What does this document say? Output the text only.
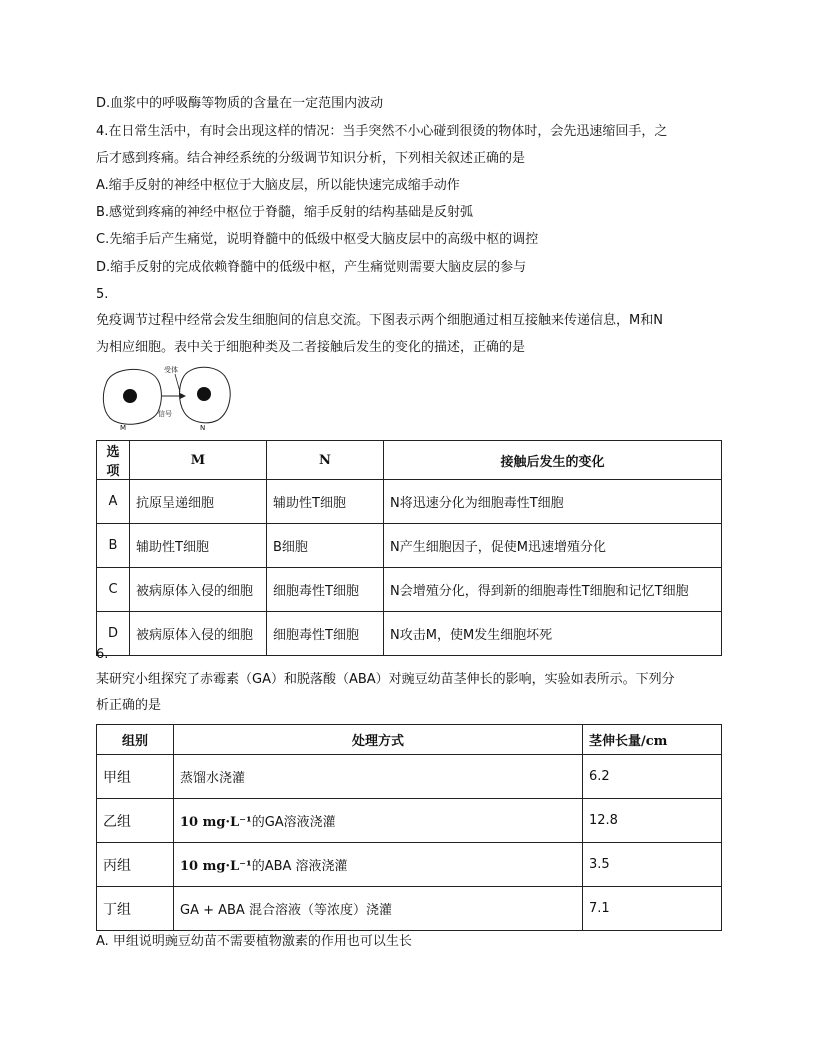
D.血浆中的呼吸酶等物质的含量在一定范围内波动
4.在日常生活中，有时会出现这样的情况：当手突然不小心碰到很烫的物体时，会先迅速缩回手，之
后才感到疼痛。结合神经系统的分级调节知识分析，下列相关叙述正确的是
A.缩手反射的神经中枢位于大脑皮层，所以能快速完成缩手动作
B.感觉到疼痛的神经中枢位于脊髓，缩手反射的结构基础是反射弧
C.先缩手后产生痛觉，说明脊髓中的低级中枢受大脑皮层中的高级中枢的调控
D.缩手反射的完成依赖脊髓中的低级中枢，产生痛觉则需要大脑皮层的参与
5.
免疫调节过程中经常会发生细胞间的信息交流。下图表示两个细胞通过相互接触来传递信息，M和N
为相应细胞。表中关于细胞种类及二者接触后发生的变化的描述，正确的是
受体
信号
M	N
选项	M	N	接触后发生的变化
A	抗原呈递细胞	辅助性T细胞	N将迅速分化为细胞毒性T细胞
B	辅助性T细胞	B细胞	N产生细胞因子，促使M迅速增殖分化
C	被病原体入侵的细胞	细胞毒性T细胞	N会增殖分化，得到新的细胞毒性T细胞和记忆T细胞
D	被病原体入侵的细胞	细胞毒性T细胞	N攻击M，使M发生细胞坏死
6.
某研究小组探究了赤霉素（GA）和脱落酸（ABA）对豌豆幼苗茎伸长的影响，实验如表所示。下列分
析正确的是
组别	处理方式	茎伸长量/cm
甲组	蒸馏水浇灌	6.2
乙组	10 mg·L⁻¹的GA溶液浇灌	12.8
丙组	10 mg·L⁻¹的ABA 溶液浇灌	3.5
丁组	GA + ABA 混合溶液（等浓度）浇灌	7.1
A. 甲组说明豌豆幼苗不需要植物激素的作用也可以生长
